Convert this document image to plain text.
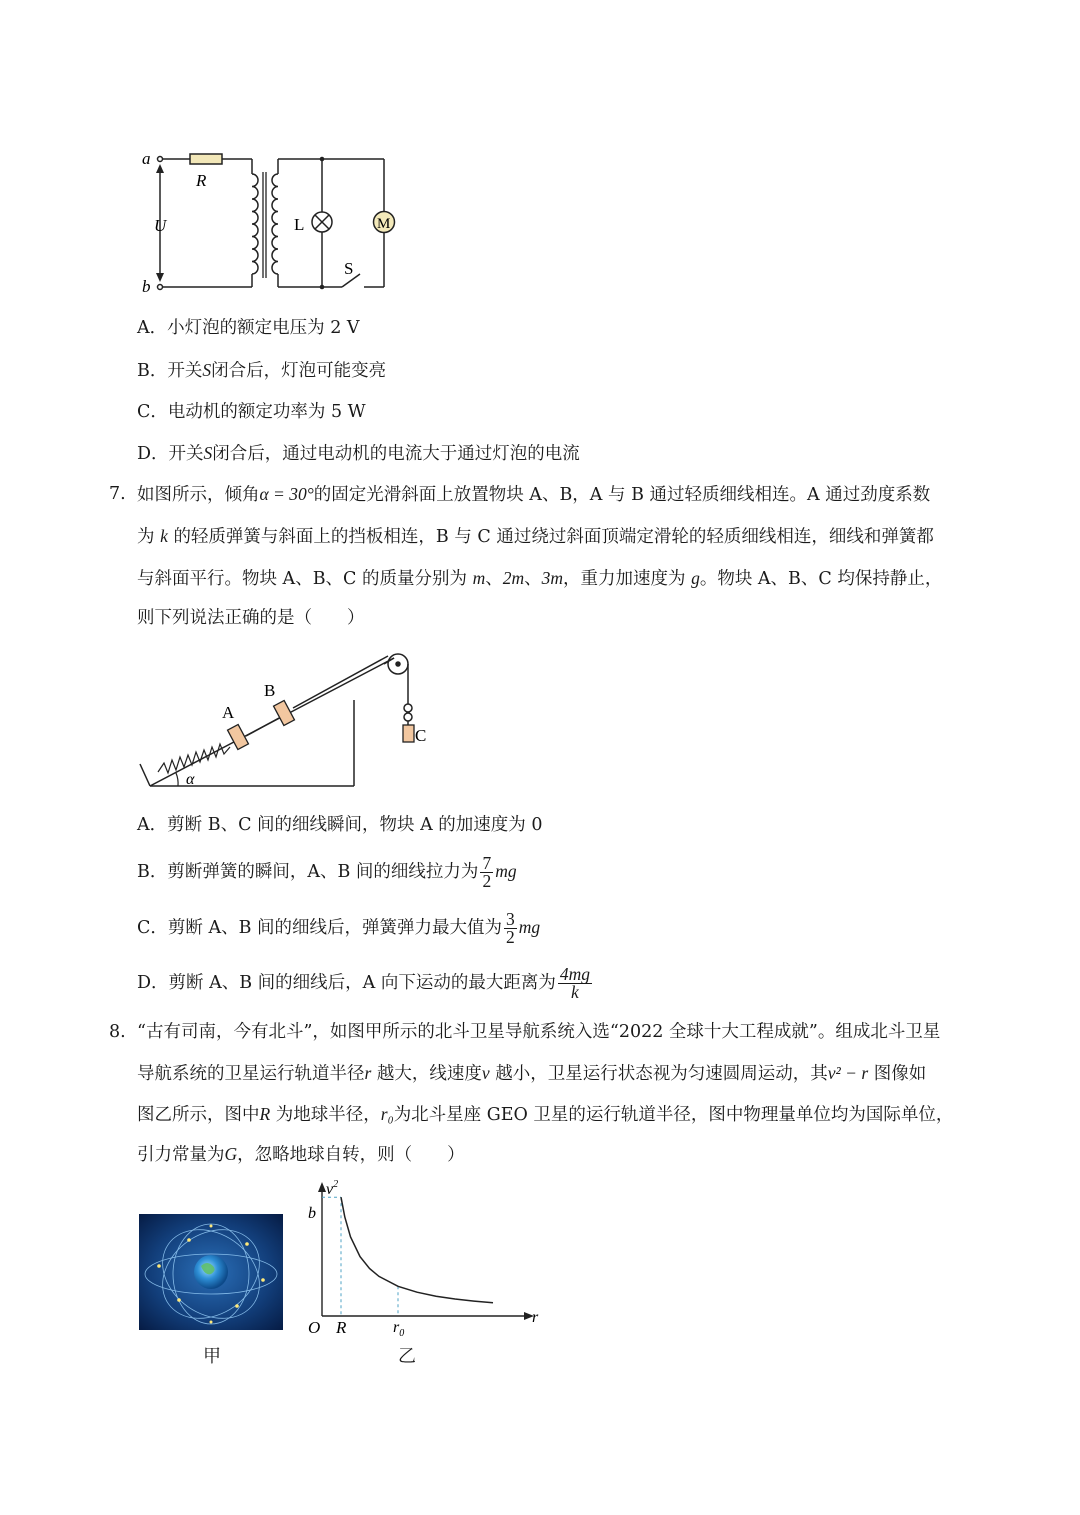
a
b
R
U	L	M
S
A．小灯泡的额定电压为 2 V
B．开关S闭合后，灯泡可能变亮
C．电动机的额定功率为 5 W
D．开关S闭合后，通过电动机的电流大于通过灯泡的电流
7. 如图所示，倾角α = 30°的固定光滑斜面上放置物块 A、B，A 与 B 通过轻质细线相连。A 通过劲度系数
为 k 的轻质弹簧与斜面上的挡板相连，B 与 C 通过绕过斜面顶端定滑轮的轻质细线相连，细线和弹簧都
与斜面平行。物块 A、B、C 的质量分别为 m、2m、3m，重力加速度为 g。物块 A、B、C 均保持静止，
则下列说法正确的是（　　）
A
B
C
α
A．剪断 B、C 间的细线瞬间，物块 A 的加速度为 0
B．剪断弹簧的瞬间，A、B 间的细线拉力为 $\frac{7}{2}$ mg
C．剪断 A、B 间的细线后，弹簧弹力最大值为 $\frac{3}{2}$ mg
D．剪断 A、B 间的细线后，A 向下运动的最大距离为 $\frac{4mg}{k}$
8. “古有司南，今有北斗”，如图甲所示的北斗卫星导航系统入选“2022 全球十大工程成就”。组成北斗卫星
导航系统的卫星运行轨道半径r 越大，线速度v 越小，卫星运行状态视为匀速圆周运动，其v² − r 图像如
图乙所示，图中R 为地球半径，r₀为北斗星座 GEO 卫星的运行轨道半径，图中物理量单位均为国际单位，
引力常量为G，忽略地球自转，则（　　）
甲
$v^2$
r
b
O R	$r_0$
乙
